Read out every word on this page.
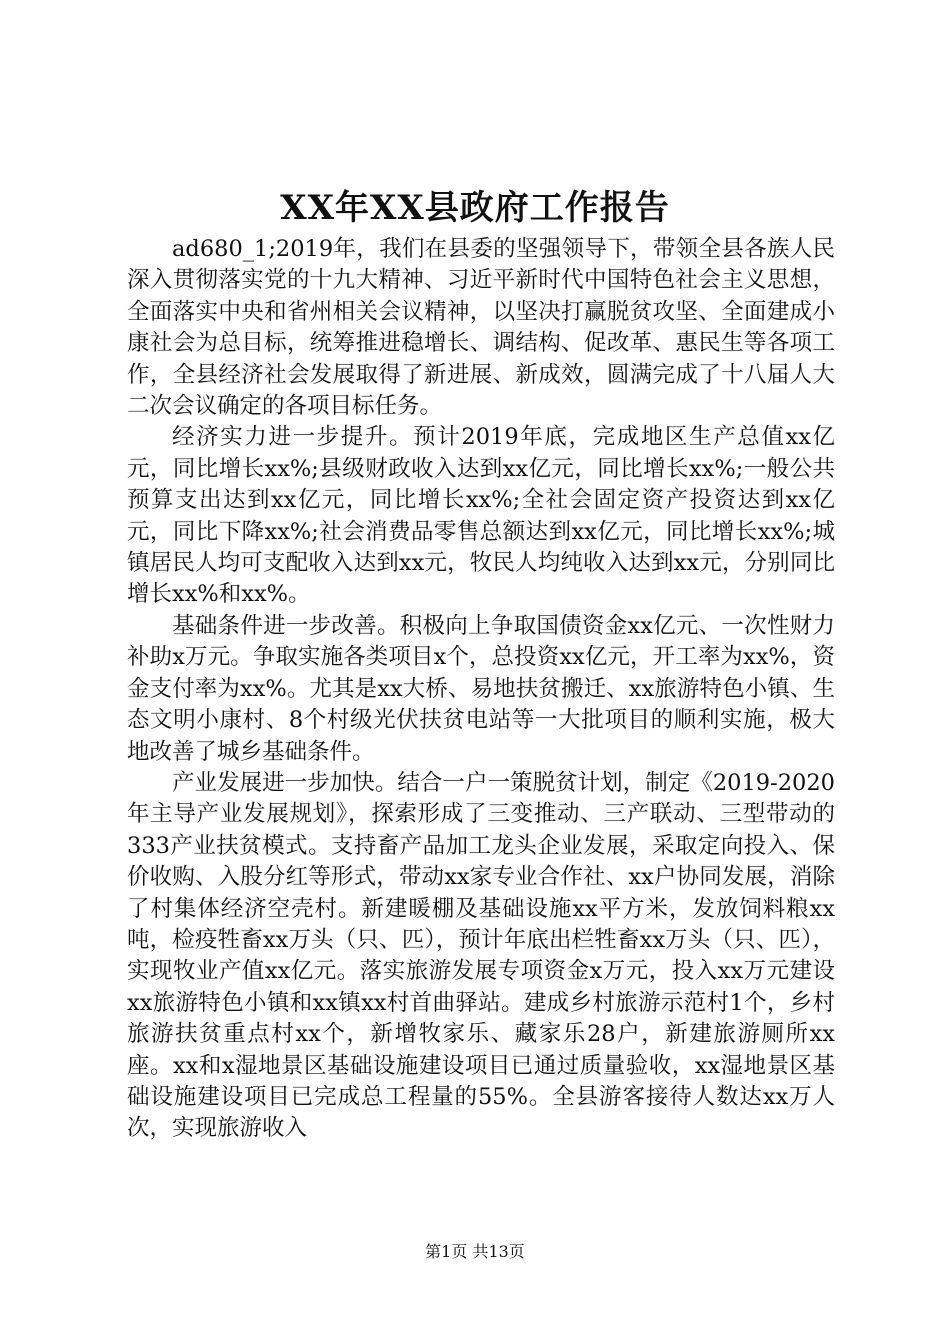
XX年XX县政府工作报告

ad680_1;2019年，我们在县委的坚强领导下，带领全县各族人民深入贯彻落实党的十九大精神、习近平新时代中国特色社会主义思想，全面落实中央和省州相关会议精神，以坚决打赢脱贫攻坚、全面建成小康社会为总目标，统筹推进稳增长、调结构、促改革、惠民生等各项工作，全县经济社会发展取得了新进展、新成效，圆满完成了十八届人大二次会议确定的各项目标任务。

经济实力进一步提升。预计2019年底，完成地区生产总值xx亿元，同比增长xx%;县级财政收入达到xx亿元，同比增长xx%;一般公共预算支出达到xx亿元，同比增长xx%;全社会固定资产投资达到xx亿元，同比下降xx%;社会消费品零售总额达到xx亿元，同比增长xx%;城镇居民人均可支配收入达到xx元，牧民人均纯收入达到xx元，分别同比增长xx%和xx%。

基础条件进一步改善。积极向上争取国债资金xx亿元、一次性财力补助x万元。争取实施各类项目x个，总投资xx亿元，开工率为xx%，资金支付率为xx%。尤其是xx大桥、易地扶贫搬迁、xx旅游特色小镇、生态文明小康村、8个村级光伏扶贫电站等一大批项目的顺利实施，极大地改善了城乡基础条件。

产业发展进一步加快。结合一户一策脱贫计划，制定《2019-2020年主导产业发展规划》，探索形成了三变推动、三产联动、三型带动的333产业扶贫模式。支持畜产品加工龙头企业发展，采取定向投入、保价收购、入股分红等形式，带动xx家专业合作社、xx户协同发展，消除了村集体经济空壳村。新建暖棚及基础设施xx平方米，发放饲料粮xx吨，检疫牲畜xx万头（只、匹），预计年底出栏牲畜xx万头（只、匹），实现牧业产值xx亿元。落实旅游发展专项资金x万元，投入xx万元建设xx旅游特色小镇和xx镇xx村首曲驿站。建成乡村旅游示范村1个，乡村旅游扶贫重点村xx个，新增牧家乐、藏家乐28户，新建旅游厕所xx座。xx和x湿地景区基础设施建设项目已通过质量验收，xx湿地景区基础设施建设项目已完成总工程量的55%。全县游客接待人数达xx万人次，实现旅游收入

第1页 共13页
